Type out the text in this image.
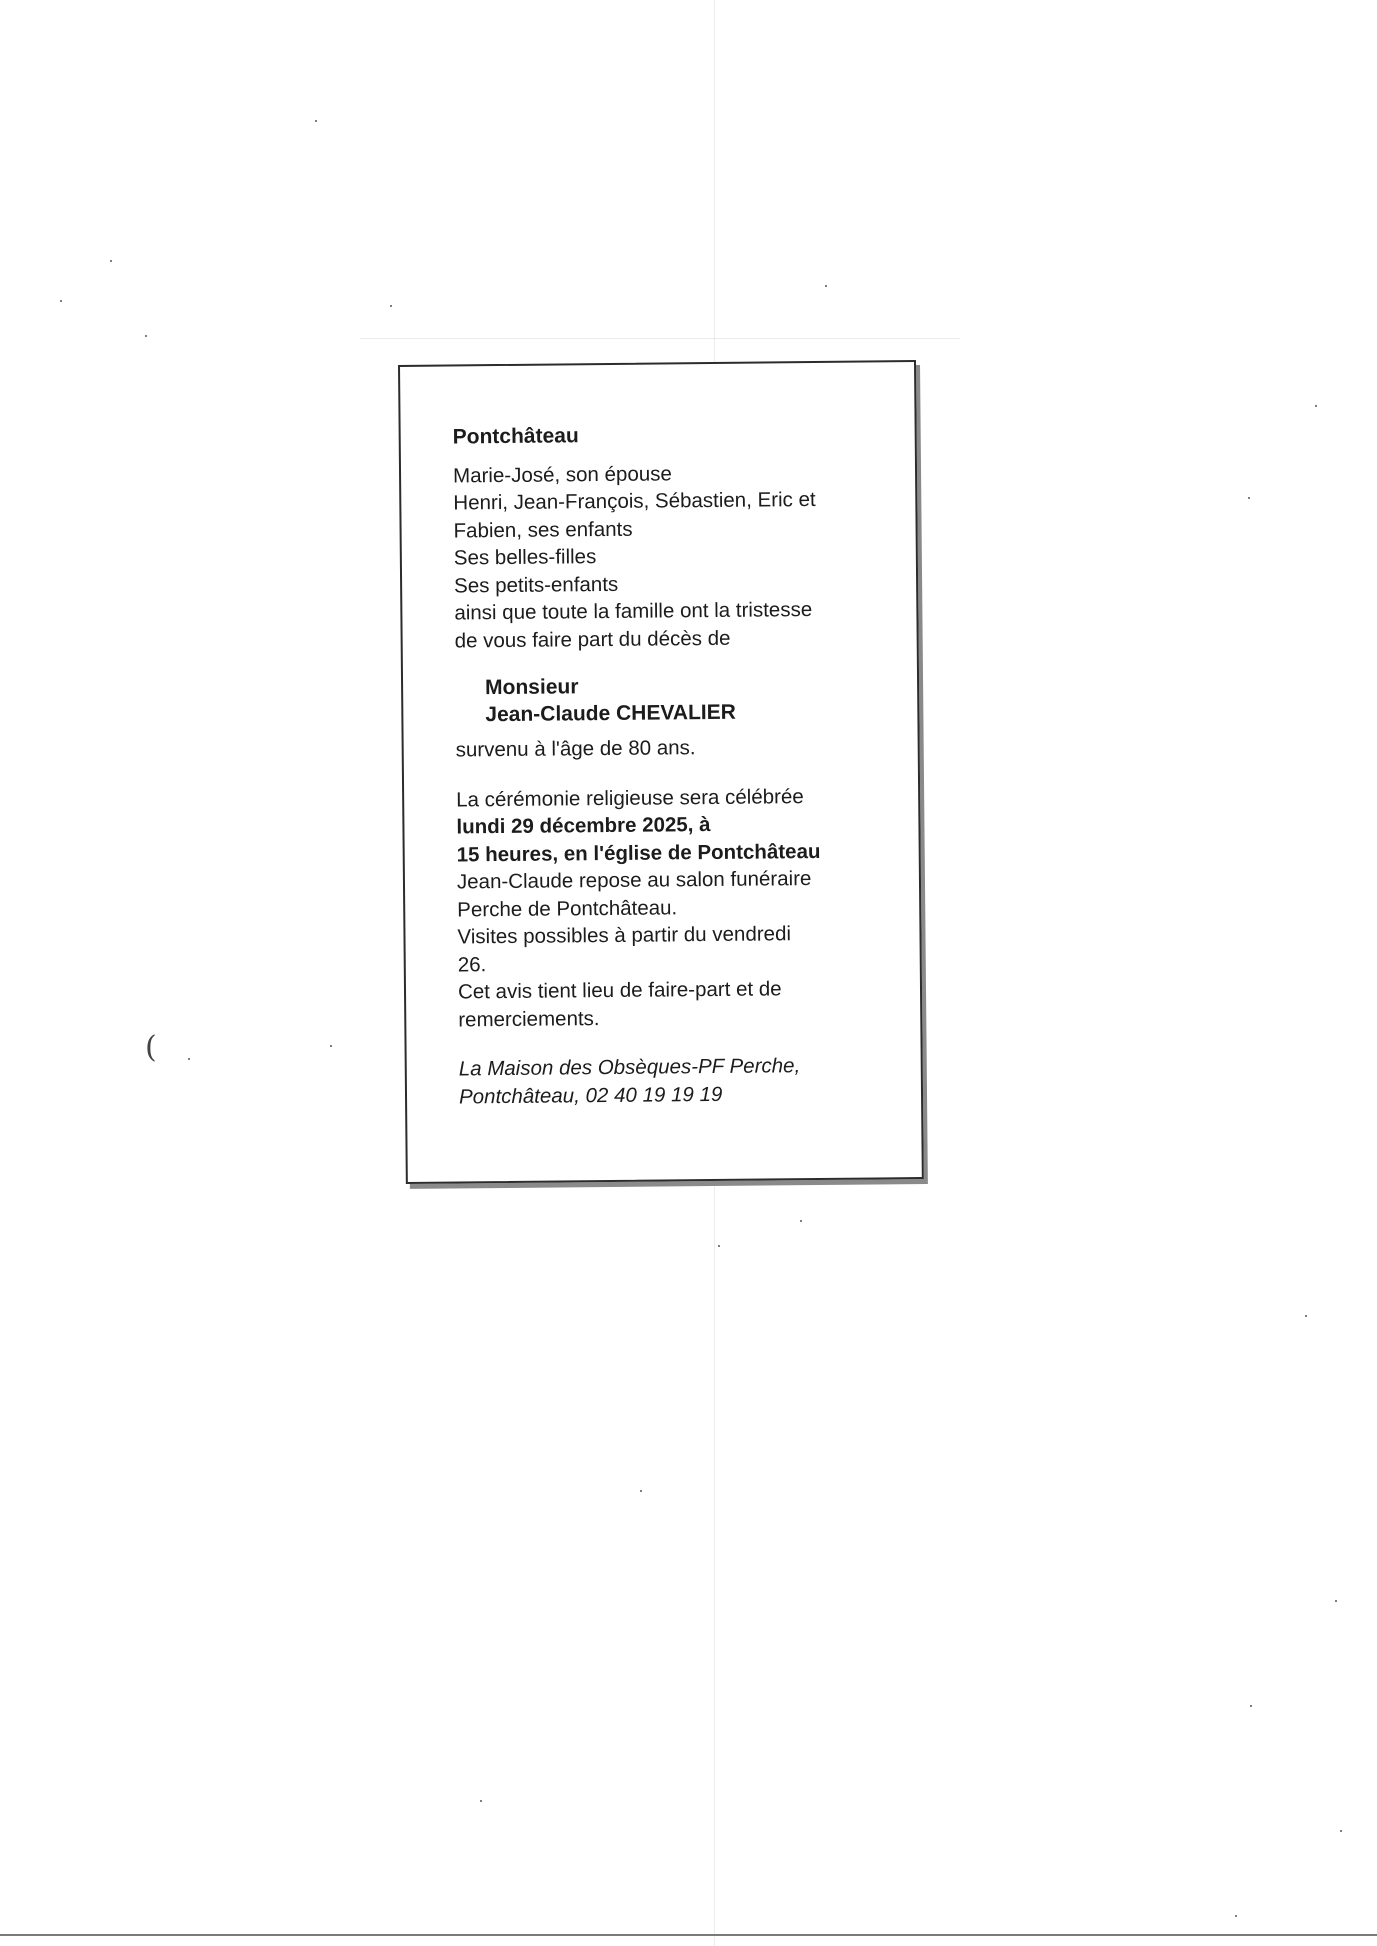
(
Pontchâteau
Marie-José, son épouse
Henri, Jean-François, Sébastien, Eric et
Fabien, ses enfants
Ses belles-filles
Ses petits-enfants
ainsi que toute la famille ont la tristesse
de vous faire part du décès de
Monsieur
Jean-Claude CHEVALIER
survenu à l'âge de 80 ans.
La cérémonie religieuse sera célébrée
lundi 29 décembre 2025, à
15 heures, en l'église de Pontchâteau
Jean-Claude repose au salon funéraire
Perche de Pontchâteau.
Visites possibles à partir du vendredi
26.
Cet avis tient lieu de faire-part et de
remerciements.
La Maison des Obsèques-PF Perche,
Pontchâteau, 02 40 19 19 19
